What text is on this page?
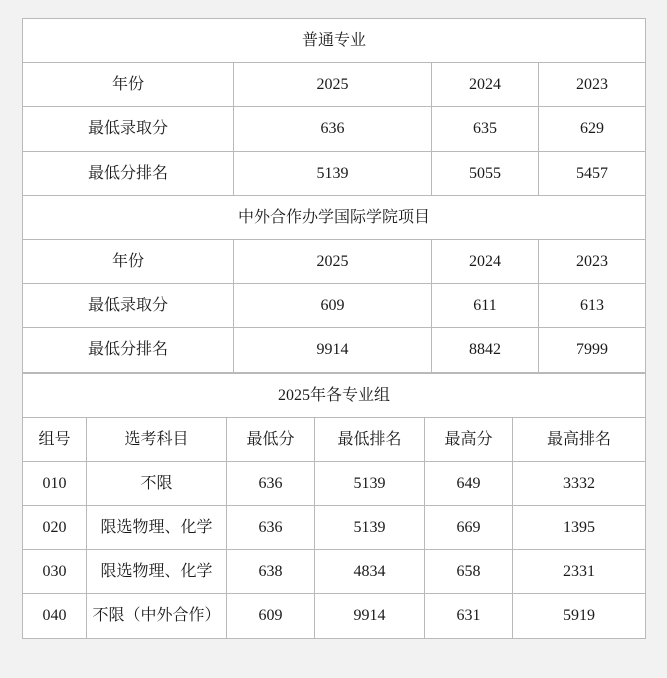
普通专业			
年份	2025	2024	2023
最低录取分	636	635	629
最低分排名	5139	5055	5457
中外合作办学国际学院项目			
年份	2025	2024	2023
最低录取分	609	611	613
最低分排名	9914	8842	7999
2025年各专业组					
组号	选考科目	最低分	最低排名	最高分	最高排名
010	不限	636	5139	649	3332
020	限选物理、化学	636	5139	669	1395
030	限选物理、化学	638	4834	658	2331
040	不限（中外合作）	609	9914	631	5919
